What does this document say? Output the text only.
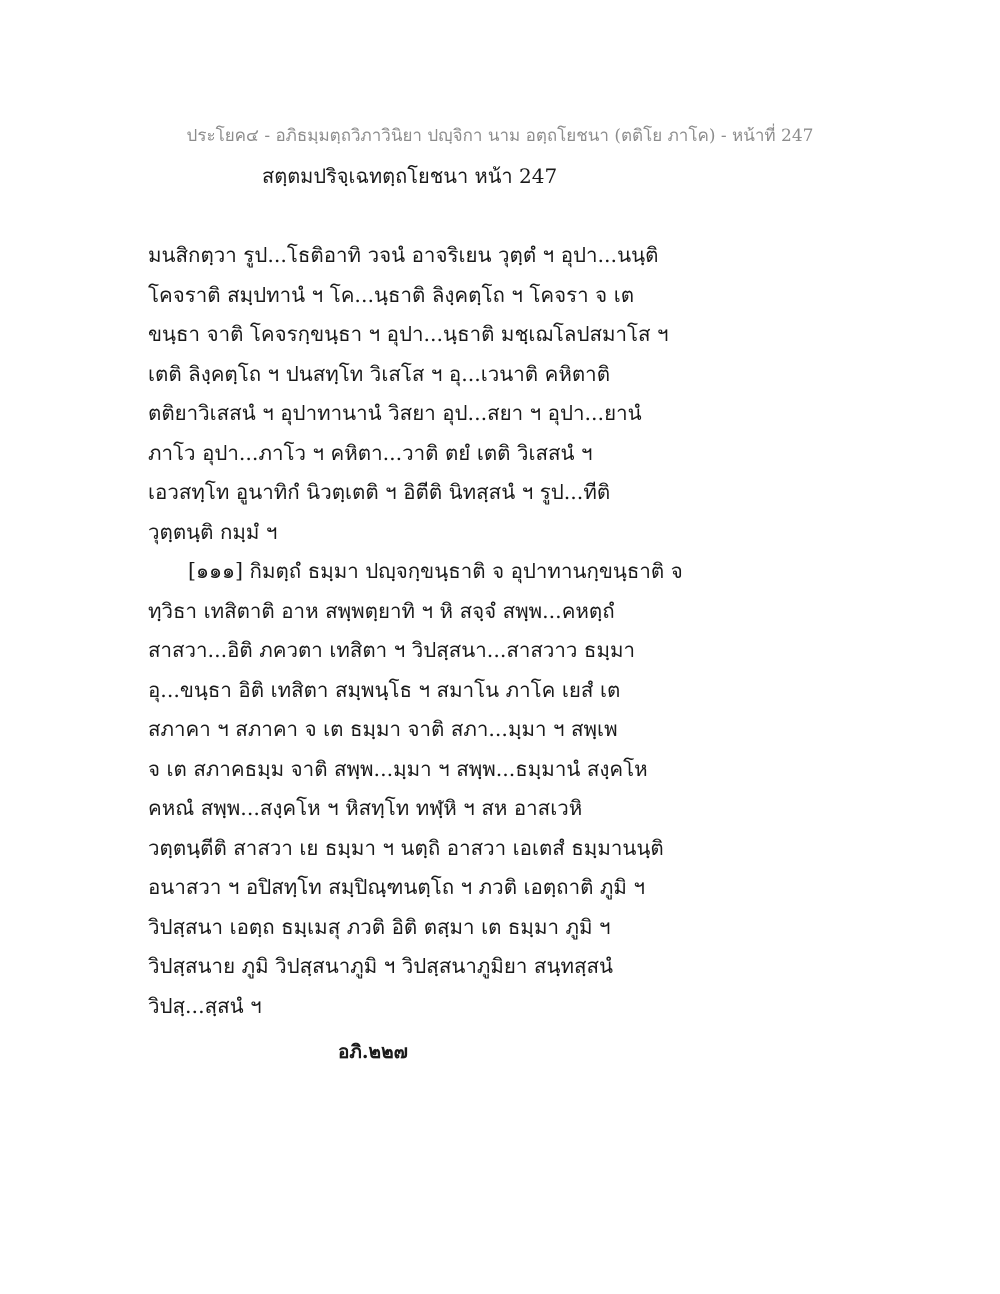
ประโยค๔ - อภิธมฺมตฺถวิภาวินิยา ปญฺจิกา นาม อตฺถโยชนา (ตติโย ภาโค) - หน้าที่ 247
สตฺตมปริจฺเฉทตฺถโยชนา หน้า 247
มนสิกตฺวา รูป...โธติอาทิ วจนํ อาจริเยน วุตฺตํ ฯ อุปา...นนฺติ
โคจราติ สมฺปทานํ ฯ โค...นฺธาติ ลิงฺคตฺโถ ฯ โคจรา จ เต
ขนฺธา จาติ โคจรกฺขนฺธา ฯ อุปา...นฺธาติ มชฺเฌโลปสมาโส ฯ
เตติ ลิงฺคตฺโถ ฯ ปนสทฺโท วิเสโส ฯ อุ...เวนาติ คหิตาติ
ตติยาวิเสสนํ ฯ อุปาทานานํ วิสยา อุป...สยา ฯ อุปา...ยานํ
ภาโว อุปา...ภาโว ฯ คหิตา...วาติ ตยํ เตติ วิเสสนํ ฯ
เอวสทฺโท อูนาทิกํ นิวตฺเตติ ฯ อิตีติ นิทสฺสนํ ฯ รูป...ทีติ
วุตฺตนฺติ กมฺมํ ฯ
[๑๑๑] กิมตฺถํ ธมฺมา ปญฺจกฺขนฺธาติ จ อุปาทานกฺขนฺธาติ จ
ทฺวิธา เทสิตาติ อาห สพฺพตฺยาทิ ฯ หิ สจฺจํ สพฺพ...คหตฺถํ
สาสวา...อิติ ภควตา เทสิตา ฯ วิปสฺสนา...สาสวาว ธมฺมา
อุ...ขนฺธา อิติ เทสิตา สมฺพนฺโธ ฯ สมาโน ภาโค เยสํ เต
สภาคา ฯ สภาคา จ เต ธมฺมา จาติ สภา...มฺมา ฯ สพฺเพ
จ เต สภาคธมฺม จาติ สพฺพ...มฺมา ฯ สพฺพ...ธมฺมานํ สงฺคโห
คหณํ สพฺพ...สงฺคโห ฯ หิสทฺโท ทฬฺหิ ฯ สห อาสเวหิ
วตฺตนฺตีติ สาสวา เย ธมฺมา ฯ นตฺถิ อาสวา เอเตสํ ธมฺมานนฺติ
อนาสวา ฯ อปิสทฺโท สมฺปิณฺฑนตฺโถ ฯ ภวติ เอตฺถาติ ภูมิ ฯ
วิปสฺสนา เอตฺถ ธมฺเมสุ ภวติ อิติ ตสฺมา เต ธมฺมา ภูมิ ฯ
วิปสฺสนาย ภูมิ วิปสฺสนาภูมิ ฯ วิปสฺสนาภูมิยา สนฺทสฺสนํ
วิปสฺ...สฺสนํ ฯ
อภิ.๒๒๗
